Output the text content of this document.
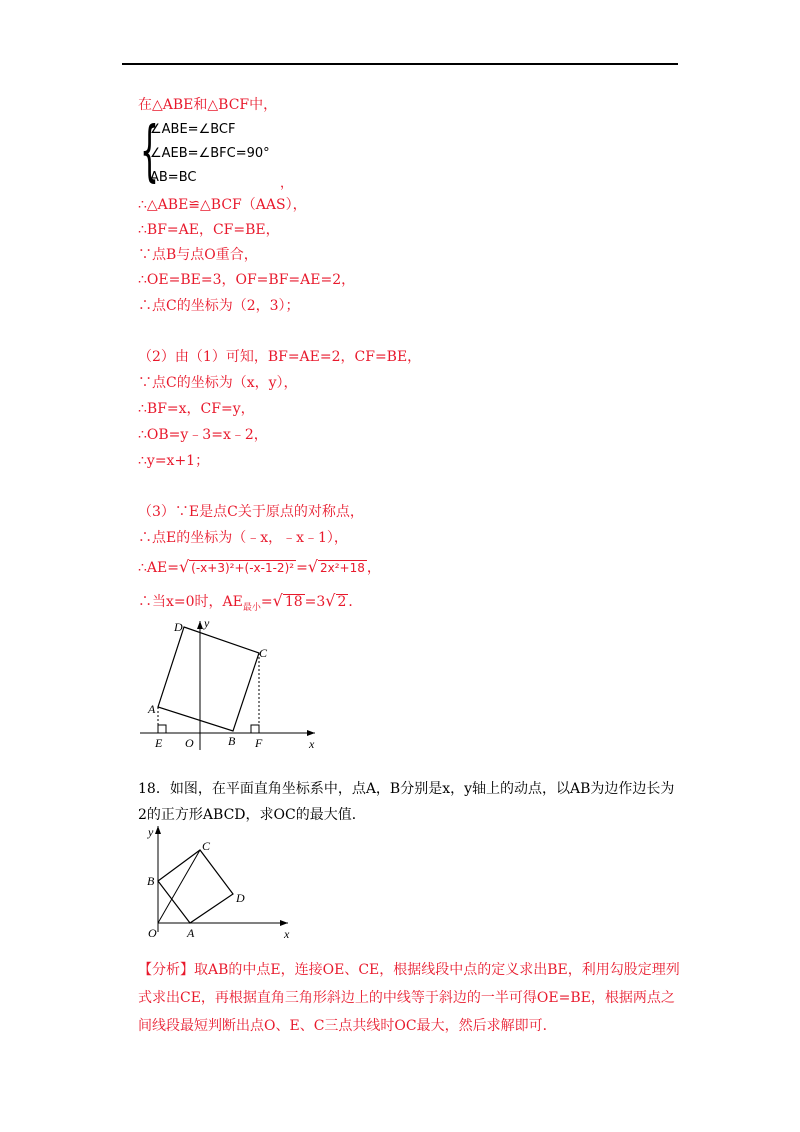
在△ABE和△BCF中，
{
∠ABE=∠BCF
∠AEB=∠BFC=90°
AB=BC	，
∴△ABE≌△BCF（AAS），
∴BF=AE，CF=BE，
∵点B与点O重合，
∴OE=BE=3，OF=BF=AE=2，
∴点C的坐标为（2，3）；
（2）由（1）可知，BF=AE=2，CF=BE，
∵点C的坐标为（x，y），
∴BF=x，CF=y，
∴OB=y﹣3=x﹣2，
∴y=x+1；
（3）∵E是点C关于原点的对称点，
∴点E的坐标为（﹣x，﹣x﹣1），
∴AE=√ (-x+3)²+(-x-1-2)² =√ 2x²+18 ，
∴当x=0时，$AE_{最小}=√$ 18 =3√ 2 ．
D y
C
A
E O	B F	x
18．如图，在平面直角坐标系中，点A，B分别是x，y轴上的动点，以AB为边作边长为2的正方形ABCD，求OC的最大值．
y
C
B
D
O	A	x
【分析】取AB的中点E，连接OE、CE，根据线段中点的定义求出BE，利用勾股定理列式求出CE，再根据直角三角形斜边上的中线等于斜边的一半可得OE=BE，根据两点之间线段最短判断出点O、E、C三点共线时OC最大，然后求解即可．
